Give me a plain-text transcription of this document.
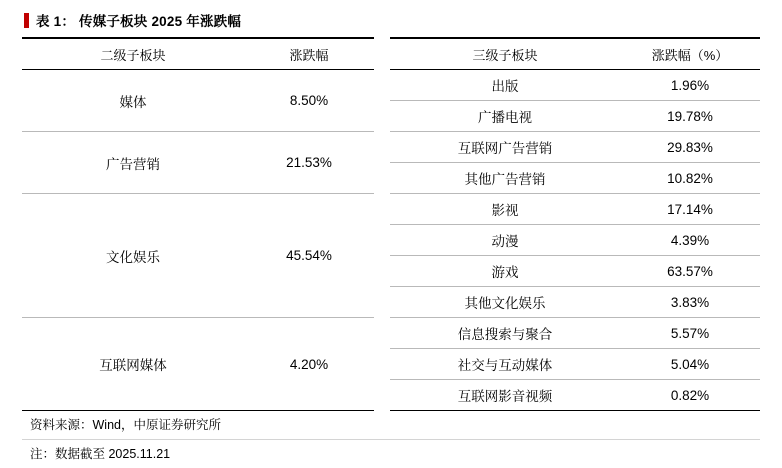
表 1： 传媒子板块 2025 年涨跌幅

二级子板块	涨跌幅		三级子板块	涨跌幅（%）
媒体	8.50%		出版	1.96%
			广播电视	19.78%
广告营销	21.53%		互联网广告营销	29.83%
			其他广告营销	10.82%
文化娱乐	45.54%		影视	17.14%
			动漫	4.39%
			游戏	63.57%
			其他文化娱乐	3.83%
互联网媒体	4.20%		信息搜索与聚合	5.57%
			社交与互动媒体	5.04%
			互联网影音视频	0.82%
资料来源：Wind，中原证券研究所
注：数据截至 2025.11.21
